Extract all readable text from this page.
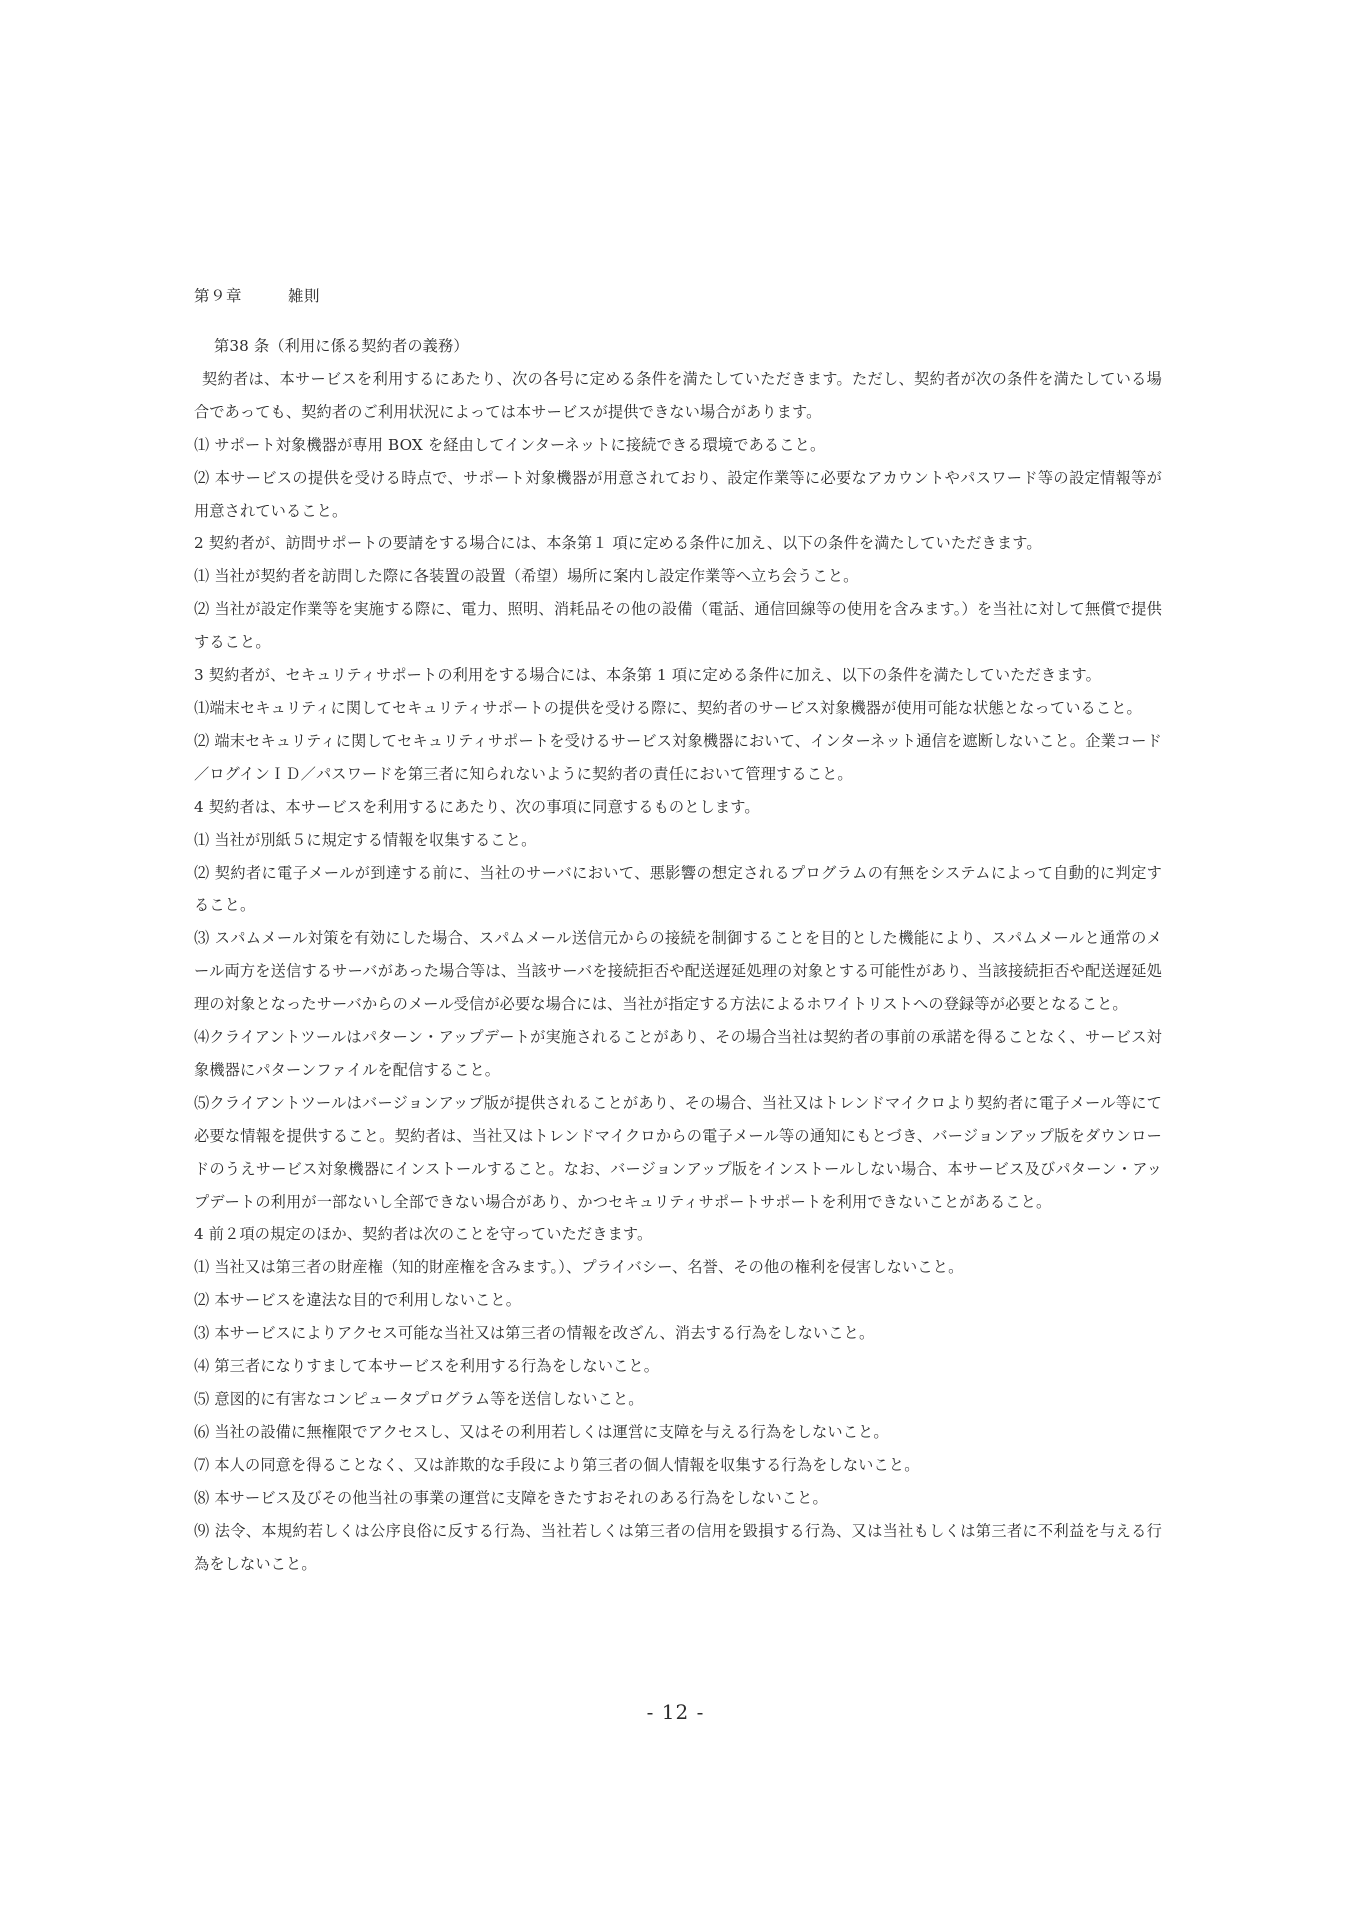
第９章	雑則

第38 条（利用に係る契約者の義務）

契約者は、本サービスを利用するにあたり、次の各号に定める条件を満たしていただきます。ただし、契約者が次の条件を満たしている場合であっても、契約者のご利用状況によっては本サービスが提供できない場合があります。

⑴ サポート対象機器が専用 BOX を経由してインターネットに接続できる環境であること。

⑵ 本サービスの提供を受ける時点で、サポート対象機器が用意されており、設定作業等に必要なアカウントやパスワード等の設定情報等が用意されていること。

2 契約者が、訪問サポートの要請をする場合には、本条第１ 項に定める条件に加え、以下の条件を満たしていただきます。

⑴ 当社が契約者を訪問した際に各装置の設置（希望）場所に案内し設定作業等へ立ち会うこと。

⑵ 当社が設定作業等を実施する際に、電力、照明、消耗品その他の設備（電話、通信回線等の使用を含みます。）を当社に対して無償で提供すること。

3 契約者が、セキュリティサポートの利用をする場合には、本条第 1 項に定める条件に加え、以下の条件を満たしていただきます。

⑴端末セキュリティに関してセキュリティサポートの提供を受ける際に、契約者のサービス対象機器が使用可能な状態となっていること。

⑵ 端末セキュリティに関してセキュリティサポートを受けるサービス対象機器において、インターネット通信を遮断しないこと。企業コード／ログインＩＤ／パスワードを第三者に知られないように契約者の責任において管理すること。

4 契約者は、本サービスを利用するにあたり、次の事項に同意するものとします。

⑴ 当社が別紙５に規定する情報を収集すること。

⑵ 契約者に電子メールが到達する前に、当社のサーバにおいて、悪影響の想定されるプログラムの有無をシステムによって自動的に判定すること。

⑶ スパムメール対策を有効にした場合、スパムメール送信元からの接続を制御することを目的とした機能により、スパムメールと通常のメール両方を送信するサーバがあった場合等は、当該サーバを接続拒否や配送遅延処理の対象とする可能性があり、当該接続拒否や配送遅延処理の対象となったサーバからのメール受信が必要な場合には、当社が指定する方法によるホワイトリストへの登録等が必要となること。

⑷クライアントツールはパターン・アップデートが実施されることがあり、その場合当社は契約者の事前の承諾を得ることなく、サービス対象機器にパターンファイルを配信すること。

⑸クライアントツールはバージョンアップ版が提供されることがあり、その場合、当社又はトレンドマイクロより契約者に電子メール等にて必要な情報を提供すること。契約者は、当社又はトレンドマイクロからの電子メール等の通知にもとづき、バージョンアップ版をダウンロードのうえサービス対象機器にインストールすること。なお、バージョンアップ版をインストールしない場合、本サービス及びパターン・アップデートの利用が一部ないし全部できない場合があり、かつセキュリティサポートサポートを利用できないことがあること。

4 前２項の規定のほか、契約者は次のことを守っていただきます。

⑴ 当社又は第三者の財産権（知的財産権を含みます。）、プライバシー、名誉、その他の権利を侵害しないこと。

⑵ 本サービスを違法な目的で利用しないこと。

⑶ 本サービスによりアクセス可能な当社又は第三者の情報を改ざん、消去する行為をしないこと。

⑷ 第三者になりすまして本サービスを利用する行為をしないこと。

⑸ 意図的に有害なコンピュータプログラム等を送信しないこと。

⑹ 当社の設備に無権限でアクセスし、又はその利用若しくは運営に支障を与える行為をしないこと。

⑺ 本人の同意を得ることなく、又は詐欺的な手段により第三者の個人情報を収集する行為をしないこと。

⑻ 本サービス及びその他当社の事業の運営に支障をきたすおそれのある行為をしないこと。

⑼ 法令、本規約若しくは公序良俗に反する行為、当社若しくは第三者の信用を毀損する行為、又は当社もしくは第三者に不利益を与える行為をしないこと。

- 12 -
